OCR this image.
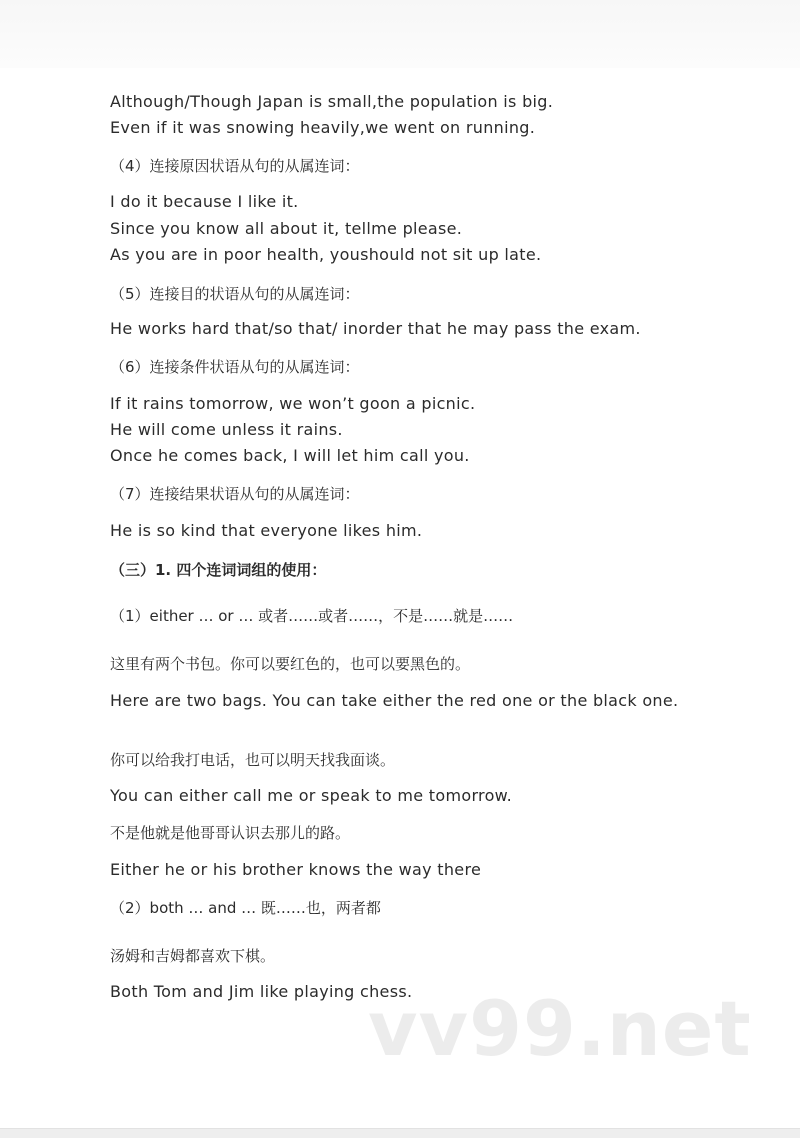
Although/Though Japan is small,the population is big.
Even if it was snowing heavily,we went on running.
（4）连接原因状语从句的从属连词：
I do it because I like it.
Since you know all about it, tellme please.
As you are in poor health, youshould not sit up late.
（5）连接目的状语从句的从属连词：
He works hard that/so that/ inorder that he may pass the exam.
（6）连接条件状语从句的从属连词：
If it rains tomorrow, we won’t goon a picnic.
He will come unless it rains.
Once he comes back, I will let him call you.
（7）连接结果状语从句的从属连词：
He is so kind that everyone likes him.
（三）1. 四个连词词组的使用：
（1）either … or … 或者……或者……，不是……就是……
这里有两个书包。你可以要红色的，也可以要黑色的。
Here are two bags. You can take either the red one or the black one.
你可以给我打电话，也可以明天找我面谈。
You can either call me or speak to me tomorrow.
不是他就是他哥哥认识去那儿的路。
Either he or his brother knows the way there
（2）both … and … 既……也，两者都
汤姆和吉姆都喜欢下棋。
Both Tom and Jim like playing chess.
vv99.net
